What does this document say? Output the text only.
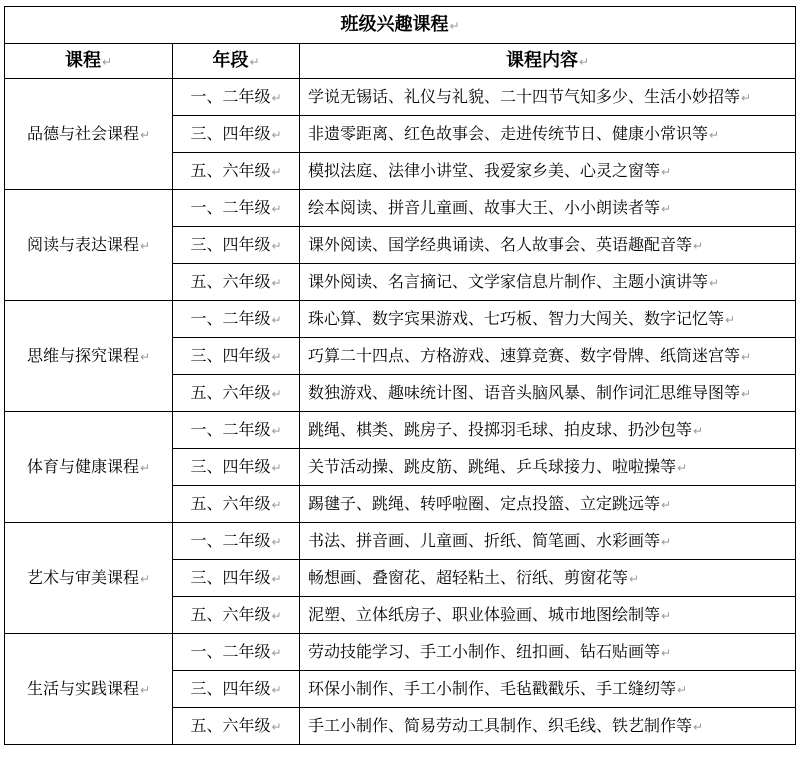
班级兴趣课程↵		
课程↵	年段↵	课程内容↵
品德与社会课程↵	一、二年级↵	学说无锡话、礼仪与礼貌、二十四节气知多少、生活小妙招等↵
	三、四年级↵	非遗零距离、红色故事会、走进传统节日、健康小常识等↵
	五、六年级↵	模拟法庭、法律小讲堂、我爱家乡美、心灵之窗等↵
阅读与表达课程↵	一、二年级↵	绘本阅读、拼音儿童画、故事大王、小小朗读者等↵
	三、四年级↵	课外阅读、国学经典诵读、名人故事会、英语趣配音等↵
	五、六年级↵	课外阅读、名言摘记、文学家信息片制作、主题小演讲等↵
思维与探究课程↵	一、二年级↵	珠心算、数字宾果游戏、七巧板、智力大闯关、数字记忆等↵
	三、四年级↵	巧算二十四点、方格游戏、速算竞赛、数字骨牌、纸筒迷宫等↵
	五、六年级↵	数独游戏、趣味统计图、语音头脑风暴、制作词汇思维导图等↵
体育与健康课程↵	一、二年级↵	跳绳、棋类、跳房子、投掷羽毛球、拍皮球、扔沙包等↵
	三、四年级↵	关节活动操、跳皮筋、跳绳、乒乓球接力、啦啦操等↵
	五、六年级↵	踢毽子、跳绳、转呼啦圈、定点投篮、立定跳远等↵
艺术与审美课程↵	一、二年级↵	书法、拼音画、儿童画、折纸、简笔画、水彩画等↵
	三、四年级↵	畅想画、叠窗花、超轻粘土、衍纸、剪窗花等↵
	五、六年级↵	泥塑、立体纸房子、职业体验画、城市地图绘制等↵
生活与实践课程↵	一、二年级↵	劳动技能学习、手工小制作、纽扣画、钻石贴画等↵
	三、四年级↵	环保小制作、手工小制作、毛毡戳戳乐、手工缝纫等↵
	五、六年级↵	手工小制作、简易劳动工具制作、织毛线、铁艺制作等↵
